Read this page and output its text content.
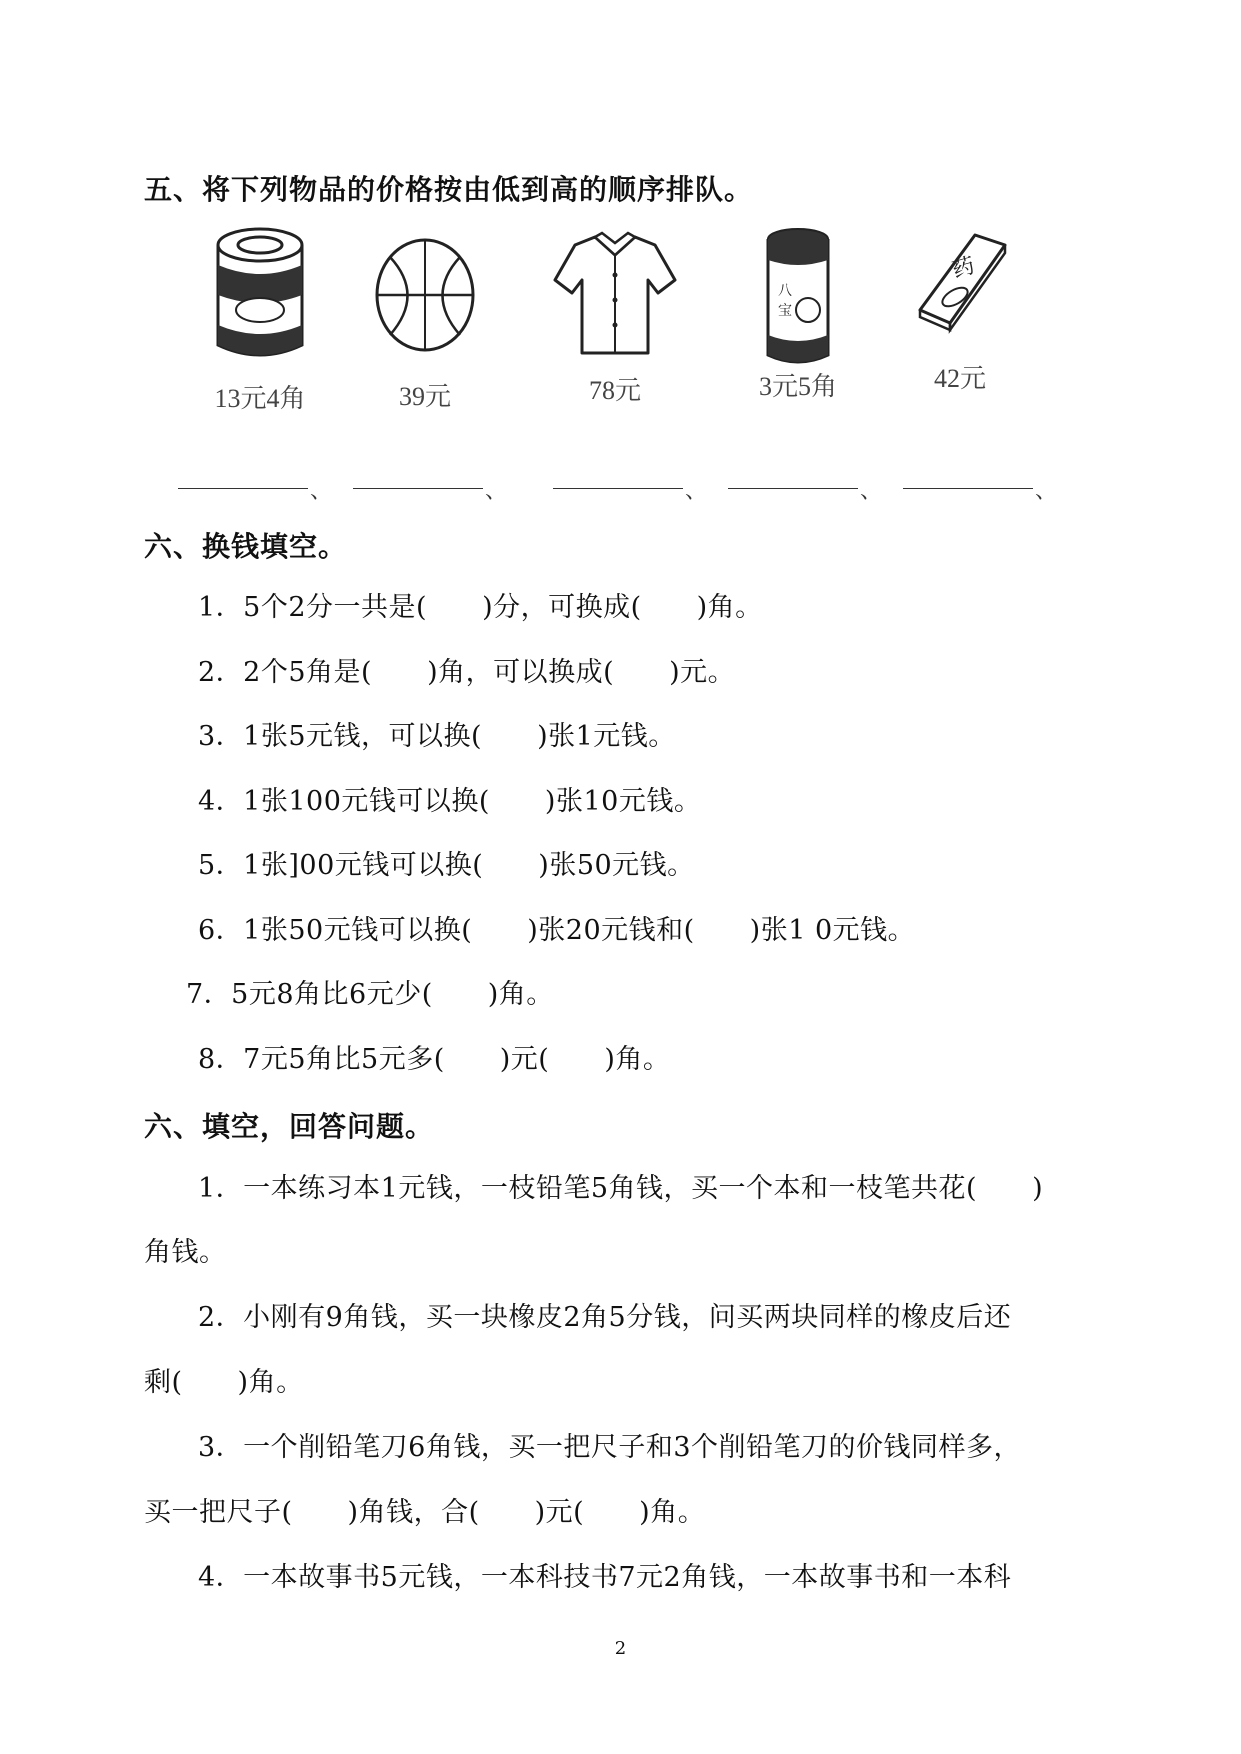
五、将下列物品的价格按由低到高的顺序排队。
13元4角	39元	78元
八
宝
3元5角
药
42元
、	、	、	、	、
六、换钱填空。
1．5个2分一共是(　　)分，可换成(　　)角。
2．2个5角是(　　)角，可以换成(　　)元。
3．1张5元钱，可以换(　　)张1元钱。
4．1张100元钱可以换(　　)张10元钱。
5．1张]00元钱可以换(　　)张50元钱。
6．1张50元钱可以换(　　)张20元钱和(　　)张1 0元钱。
7．5元8角比6元少(　　)角。
8．7元5角比5元多(　　)元(　　)角。
六、填空，回答问题。
1．一本练习本1元钱，一枝铅笔5角钱，买一个本和一枝笔共花(　　)
角钱。
2．小刚有9角钱，买一块橡皮2角5分钱，问买两块同样的橡皮后还
剩(　　)角。
3．一个削铅笔刀6角钱，买一把尺子和3个削铅笔刀的价钱同样多，
买一把尺子(　　)角钱，合(　　)元(　　)角。
4．一本故事书5元钱，一本科技书7元2角钱，一本故事书和一本科
2
